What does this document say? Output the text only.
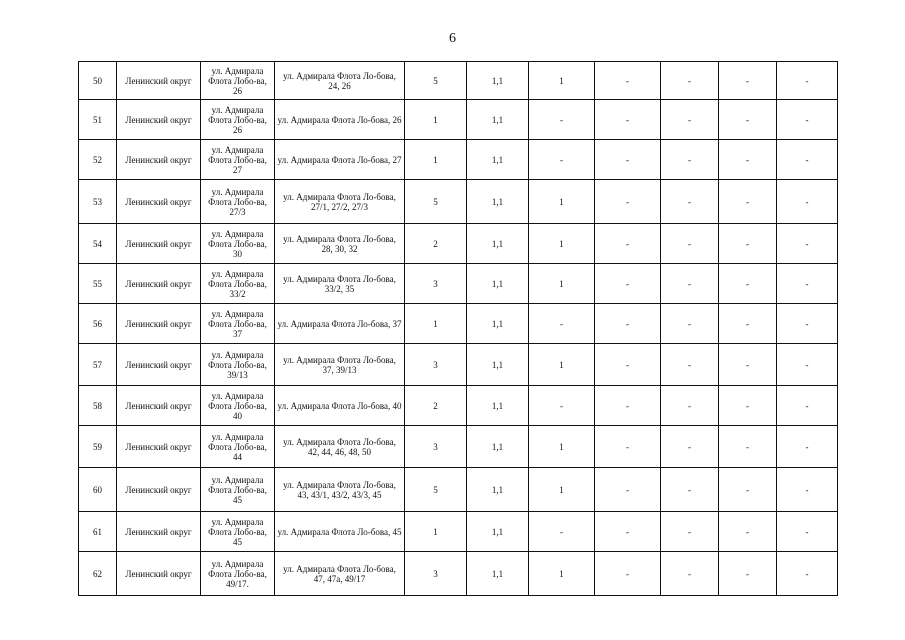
6
50	Ленинский округ	ул. Адмирала Флота Лобо-ва, 26	ул. Адмирала Флота Ло-бова, 24, 26	5	1,1	1	-	-	-	-
51	Ленинский округ	ул. Адмирала Флота Лобо-ва, 26	ул. Адмирала Флота Ло-бова, 26	1	1,1	-	-	-	-	-
52	Ленинский округ	ул. Адмирала Флота Лобо-ва, 27	ул. Адмирала Флота Ло-бова, 27	1	1,1	-	-	-	-	-
53	Ленинский округ	ул. Адмирала Флота Лобо-ва, 27/3	ул. Адмирала Флота Ло-бова, 27/1, 27/2, 27/3	5	1,1	1	-	-	-	-
54	Ленинский округ	ул. Адмирала Флота Лобо-ва, 30	ул. Адмирала Флота Ло-бова, 28, 30, 32	2	1,1	1	-	-	-	-
55	Ленинский округ	ул. Адмирала Флота Лобо-ва, 33/2	ул. Адмирала Флота Ло-бова, 33/2, 35	3	1,1	1	-	-	-	-
56	Ленинский округ	ул. Адмирала Флота Лобо-ва, 37	ул. Адмирала Флота Ло-бова, 37	1	1,1	-	-	-	-	-
57	Ленинский округ	ул. Адмирала Флота Лобо-ва, 39/13	ул. Адмирала Флота Ло-бова, 37, 39/13	3	1,1	1	-	-	-	-
58	Ленинский округ	ул. Адмирала Флота Лобо-ва, 40	ул. Адмирала Флота Ло-бова, 40	2	1,1	-	-	-	-	-
59	Ленинский округ	ул. Адмирала Флота Лобо-ва, 44	ул. Адмирала Флота Ло-бова, 42, 44, 46, 48, 50	3	1,1	1	-	-	-	-
60	Ленинский округ	ул. Адмирала Флота Лобо-ва, 45	ул. Адмирала Флота Ло-бова, 43, 43/1, 43/2, 43/3, 45	5	1,1	1	-	-	-	-
61	Ленинский округ	ул. Адмирала Флота Лобо-ва, 45	ул. Адмирала Флота Ло-бова, 45	1	1,1	-	-	-	-	-
62	Ленинский округ	ул. Адмирала Флота Лобо-ва, 49/17.	ул. Адмирала Флота Ло-бова, 47, 47а, 49/17	3	1,1	1	-	-	-	-
